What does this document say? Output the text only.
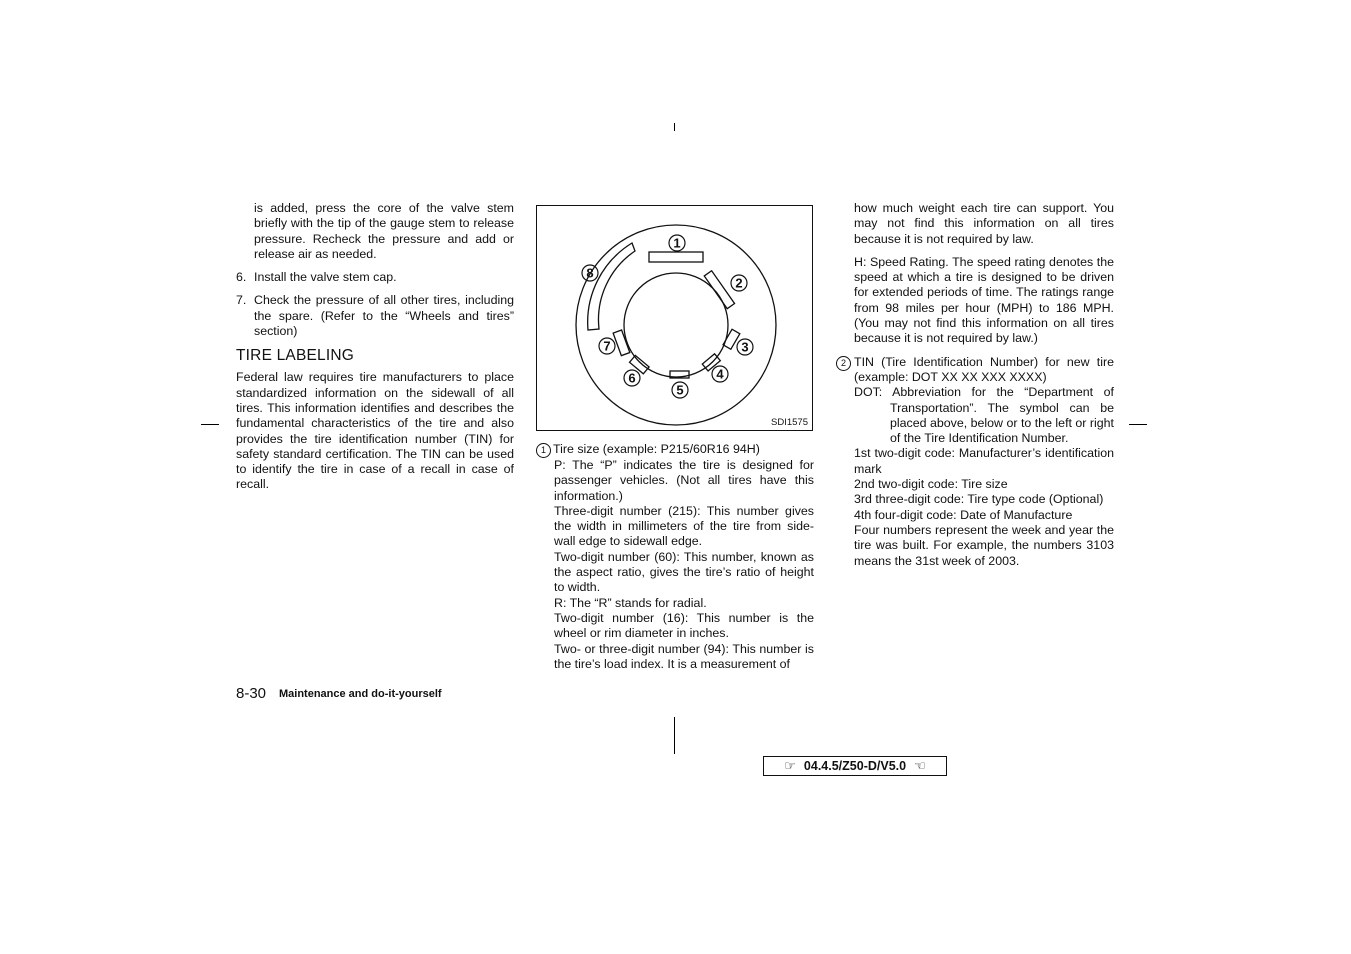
is added, press the core of the valve stem briefly with the tip of the gauge stem to release pressure. Recheck the pressure and add or release air as needed.

6. Install the valve stem cap.

7. Check the pressure of all other tires, including the spare. (Refer to the “Wheels and tires” section)

TIRE LABELING

Federal law requires tire manufacturers to place standardized information on the sidewall of all tires. This information identifies and describes the fundamental characteristics of the tire and also provides the tire identification number (TIN) for safety standard certification. The TIN can be used to identify the tire in case of a recall in case of recall.

1
2
3
4
5
6
7
8
SDI1575

1 Tire size (example: P215/60R16 94H)

P: The “P” indicates the tire is designed for passenger vehicles. (Not all tires have this information.)

Three-digit number (215): This number gives the width in millimeters of the tire from side-wall edge to sidewall edge.

Two-digit number (60): This number, known as the aspect ratio, gives the tire’s ratio of height to width.

R: The “R” stands for radial.

Two-digit number (16): This number is the wheel or rim diameter in inches.

Two- or three-digit number (94): This number is the tire’s load index. It is a measurement of

how much weight each tire can support. You may not find this information on all tires because it is not required by law.

H: Speed Rating. The speed rating denotes the speed at which a tire is designed to be driven for extended periods of time. The ratings range from 98 miles per hour (MPH) to 186 MPH. (You may not find this information on all tires because it is not required by law.)

2 TIN (Tire Identification Number) for new tire (example: DOT XX XX XXX XXXX)

DOT: Abbreviation for the “Department of Transportation”. The symbol can be placed above, below or to the left or right of the Tire Identification Number.

1st two-digit code: Manufacturer’s identification mark

2nd two-digit code: Tire size

3rd three-digit code: Tire type code (Optional)

4th four-digit code: Date of Manufacture

Four numbers represent the week and year the tire was built. For example, the numbers 3103 means the 31st week of 2003.

8-30 Maintenance and do-it-yourself
☞ 04.4.5/Z50-D/V5.0 ☜
